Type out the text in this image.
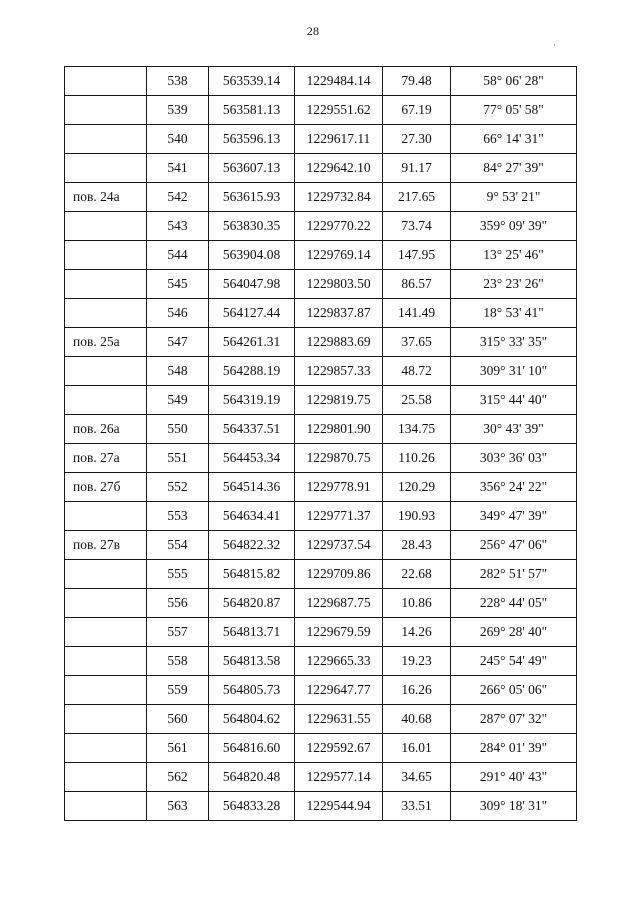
28
·
	538	563539.14	1229484.14	79.48	58° 06' 28"
	539	563581.13	1229551.62	67.19	77° 05' 58"
	540	563596.13	1229617.11	27.30	66° 14' 31"
	541	563607.13	1229642.10	91.17	84° 27' 39"
пов. 24а	542	563615.93	1229732.84	217.65	9° 53' 21"
	543	563830.35	1229770.22	73.74	359° 09' 39"
	544	563904.08	1229769.14	147.95	13° 25' 46"
	545	564047.98	1229803.50	86.57	23° 23' 26"
	546	564127.44	1229837.87	141.49	18° 53' 41"
пов. 25а	547	564261.31	1229883.69	37.65	315° 33' 35"
	548	564288.19	1229857.33	48.72	309° 31' 10"
	549	564319.19	1229819.75	25.58	315° 44' 40"
пов. 26а	550	564337.51	1229801.90	134.75	30° 43' 39"
пов. 27а	551	564453.34	1229870.75	110.26	303° 36' 03"
пов. 27б	552	564514.36	1229778.91	120.29	356° 24' 22"
	553	564634.41	1229771.37	190.93	349° 47' 39"
пов. 27в	554	564822.32	1229737.54	28.43	256° 47' 06"
	555	564815.82	1229709.86	22.68	282° 51' 57"
	556	564820.87	1229687.75	10.86	228° 44' 05"
	557	564813.71	1229679.59	14.26	269° 28' 40"
	558	564813.58	1229665.33	19.23	245° 54' 49"
	559	564805.73	1229647.77	16.26	266° 05' 06"
	560	564804.62	1229631.55	40.68	287° 07' 32"
	561	564816.60	1229592.67	16.01	284° 01' 39"
	562	564820.48	1229577.14	34.65	291° 40' 43"
	563	564833.28	1229544.94	33.51	309° 18' 31"
